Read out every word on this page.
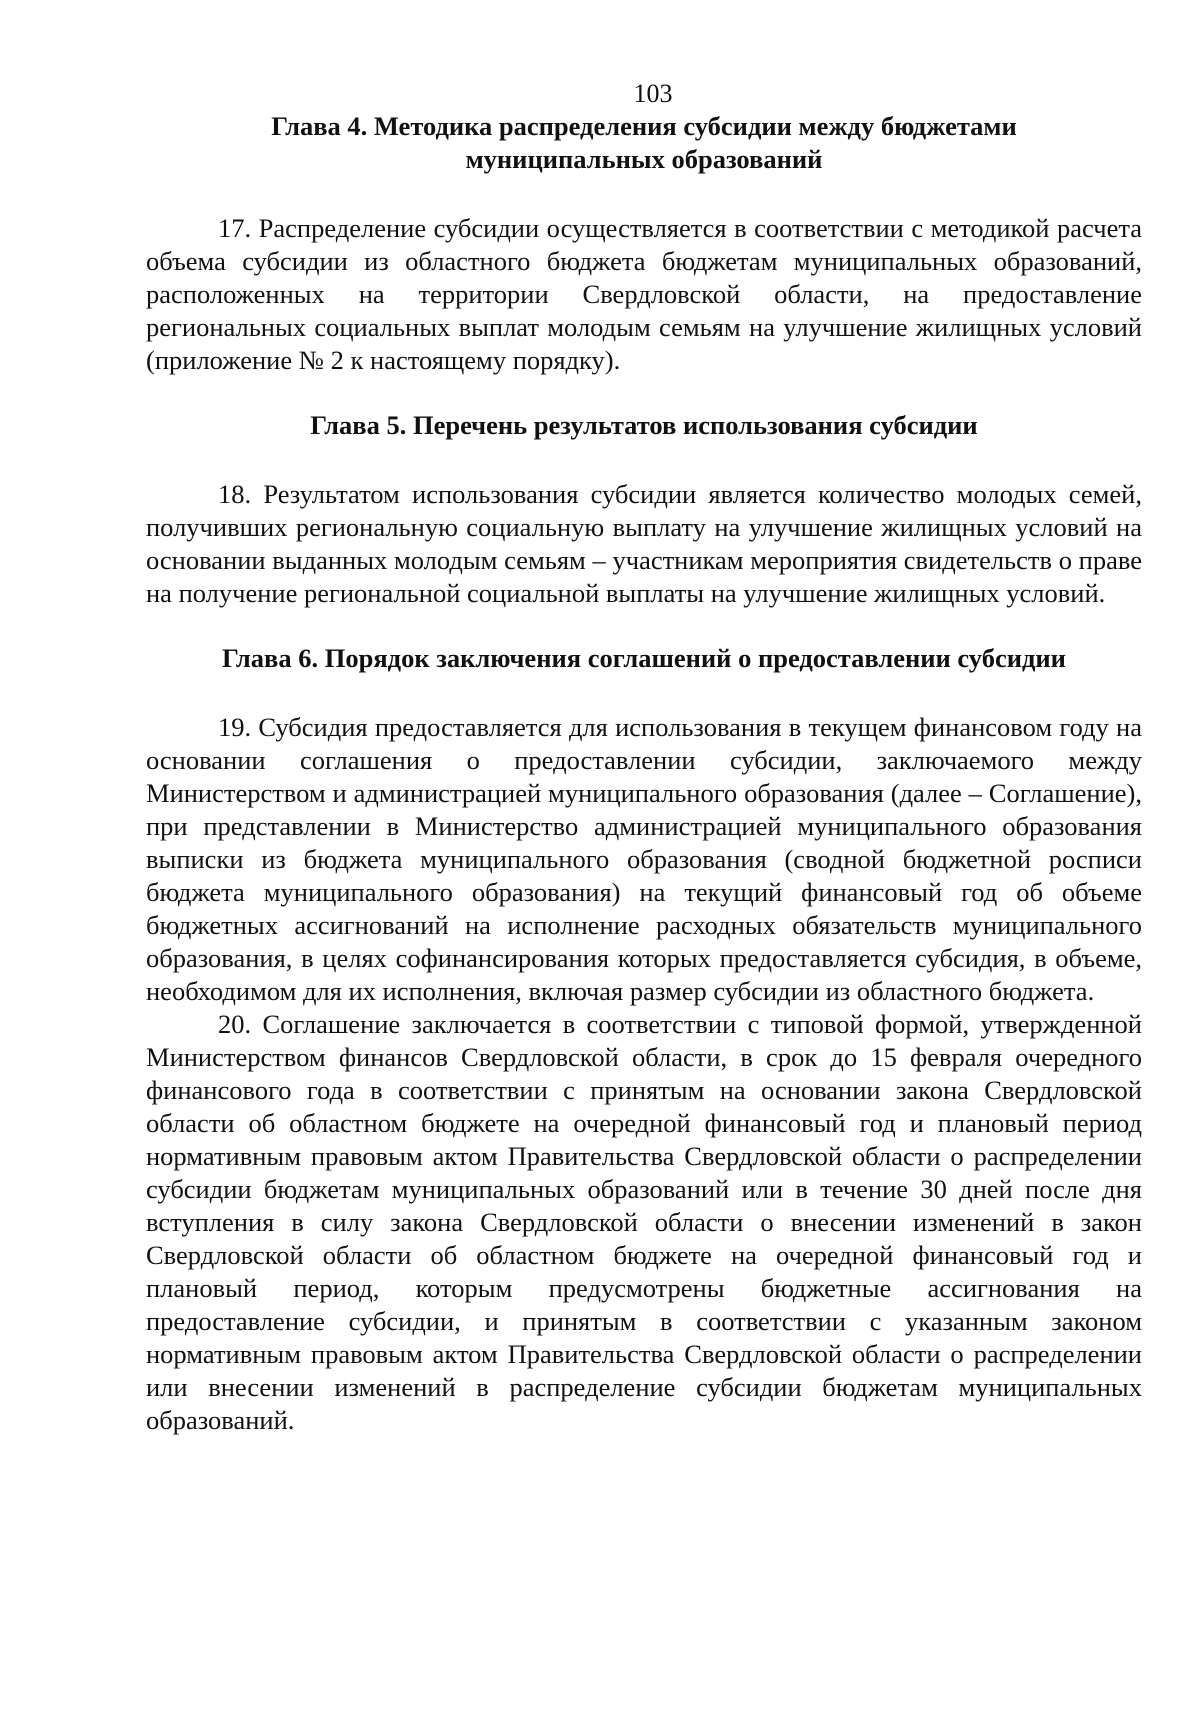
103
Глава 4. Методика распределения субсидии между бюджетами
муниципальных образований

17. Распределение субсидии осуществляется в соответствии с методикой расчета объема субсидии из областного бюджета бюджетам муниципальных образований, расположенных на территории Свердловской области, на предоставление региональных социальных выплат молодым семьям на улучшение жилищных условий (приложение № 2 к настоящему порядку).

Глава 5. Перечень результатов использования субсидии

18. Результатом использования субсидии является количество молодых семей, получивших региональную социальную выплату на улучшение жилищных условий на основании выданных молодым семьям – участникам мероприятия свидетельств о праве на получение региональной социальной выплаты на улучшение жилищных условий.

Глава 6. Порядок заключения соглашений о предоставлении субсидии

19. Субсидия предоставляется для использования в текущем финансовом году на основании соглашения о предоставлении субсидии, заключаемого между Министерством и администрацией муниципального образования (далее – Соглашение), при представлении в Министерство администрацией муниципального образования выписки из бюджета муниципального образования (сводной бюджетной росписи бюджета муниципального образования) на текущий финансовый год об объеме бюджетных ассигнований на исполнение расходных обязательств муниципального образования, в целях софинансирования которых предоставляется субсидия, в объеме, необходимом для их исполнения, включая размер субсидии из областного бюджета.

20. Соглашение заключается в соответствии с типовой формой, утвержденной Министерством финансов Свердловской области, в срок до 15 февраля очередного финансового года в соответствии с принятым на основании закона Свердловской области об областном бюджете на очередной финансовый год и плановый период нормативным правовым актом Правительства Свердловской области о распределении субсидии бюджетам муниципальных образований или в течение 30 дней после дня вступления в силу закона Свердловской области о внесении изменений в закон Свердловской области об областном бюджете на очередной финансовый год и плановый период, которым предусмотрены бюджетные ассигнования на предоставление субсидии, и принятым в соответствии с указанным законом нормативным правовым актом Правительства Свердловской области о распределении или внесении изменений в распределение субсидии бюджетам муниципальных образований.
